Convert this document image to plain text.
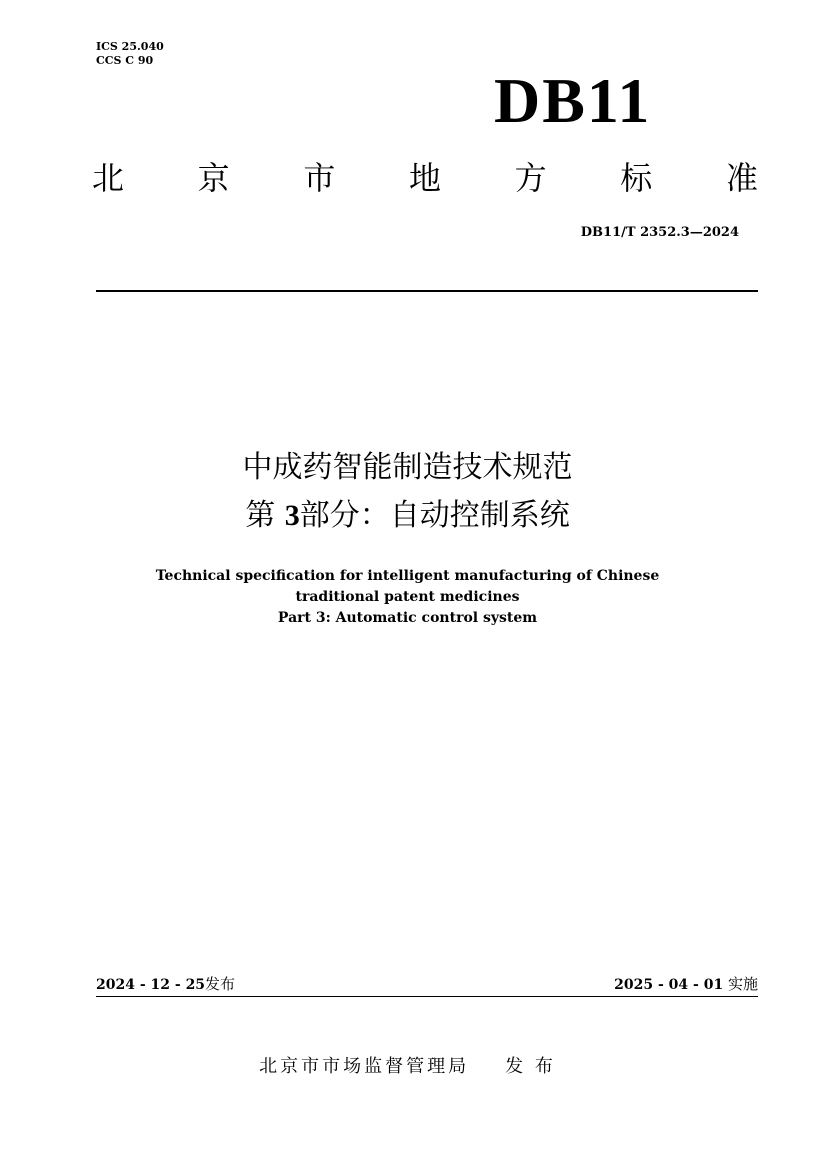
ICS 25.040
CCS C 90
DB11
北 京 市 地 方 标 准
DB11/T 2352.3—2024
中成药智能制造技术规范
第 3部分：自动控制系统
Technical specification for intelligent manufacturing of Chinese
traditional patent medicines
Part 3: Automatic control system
2024 - 12 - 25发布	2025 - 04 - 01 实施
北京市市场监督管理局 发 布
